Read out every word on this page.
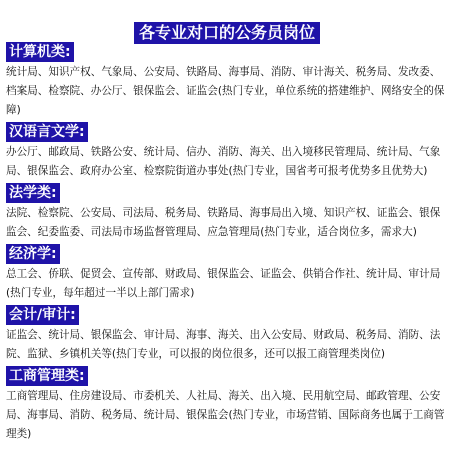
各专业对口的公务员岗位
计算机类:

统计局、知识产权、气象局、公安局、铁路局、海事局、消防、审计海关、税务局、发改委、档案局、检察院、办公厅、银保监会、证监会(热门专业，单位系统的搭建维护、网络安全的保障)

汉语言文学:

办公厅、邮政局、铁路公安、统计局、信办、消防、海关、出入境移民管理局、统计局、气象局、银保监会、政府办公室、检察院街道办事处(热门专业，国省考可报考优势多且优势大)

法学类:

法院、检察院、公安局、司法局、税务局、铁路局、海事局出入境、知识产权、证监会、银保监会、纪委监委、司法局市场监督管理局、应急管理局(热门专业，适合岗位多，需求大)

经济学:

总工会、侨联、促贸会、宣传部、财政局、银保监会、证监会、供销合作社、统计局、审计局(热门专业，每年超过一半以上部门需求)

会计/审计:

证监会、统计局、银保监会、审计局、海事、海关、出入公安局、财政局、税务局、消防、法院、监狱、乡镇机关等(热门专业，可以报的岗位很多，还可以报工商管理类岗位)

工商管理类:

工商管理局、住房建设局、市委机关、人社局、海关、出入境、民用航空局、邮政管理、公安局、海事局、消防、税务局、统计局、银保监会(热门专业，市场营销、国际商务也属于工商管理类)
